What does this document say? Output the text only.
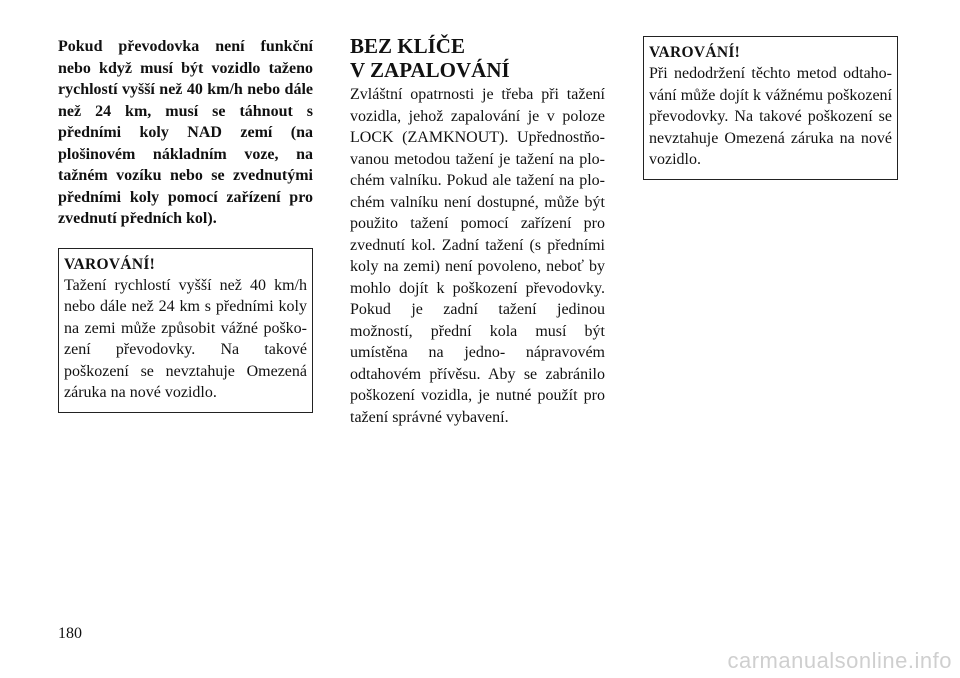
Pokud převodovka není funkční nebo když musí být vozidlo taženo rychlostí vyšší než 40 km/h nebo dále než 24 km, musí se táhnout s předními koly NAD zemí (na plošinovém nákladním voze, na tažném vozíku nebo se zvednutými předními koly pomocí zařízení pro zvednutí předních kol).

VAROVÁNÍ!

Tažení rychlostí vyšší než 40 km/h nebo dále než 24 km s předními koly na zemi může způsobit vážné poško- zení převodovky. Na takové poškození se nevztahuje Omezená záruka na nové vozidlo.

BEZ KLÍČE
V ZAPALOVÁNÍ

Zvláštní opatrnosti je třeba při tažení vozidla, jehož zapalování je v poloze LOCK (ZAMKNOUT). Upřednostňo- vanou metodou tažení je tažení na plo- chém valníku. Pokud ale tažení na plo- chém valníku není dostupné, může být použito tažení pomocí zařízení pro zvednutí kol. Zadní tažení (s předními koly na zemi) není povoleno, neboť by mohlo dojít k poškození převodovky. Pokud je zadní tažení jedinou možností, přední kola musí být umístěna na jedno- nápravovém odtahovém přívěsu. Aby se zabránilo poškození vozidla, je nutné použít pro tažení správné vybavení.

VAROVÁNÍ!

Při nedodržení těchto metod odtaho- vání může dojít k vážnému poškození převodovky. Na takové poškození se nevztahuje Omezená záruka na nové vozidlo.

180
carmanualsonline.info
